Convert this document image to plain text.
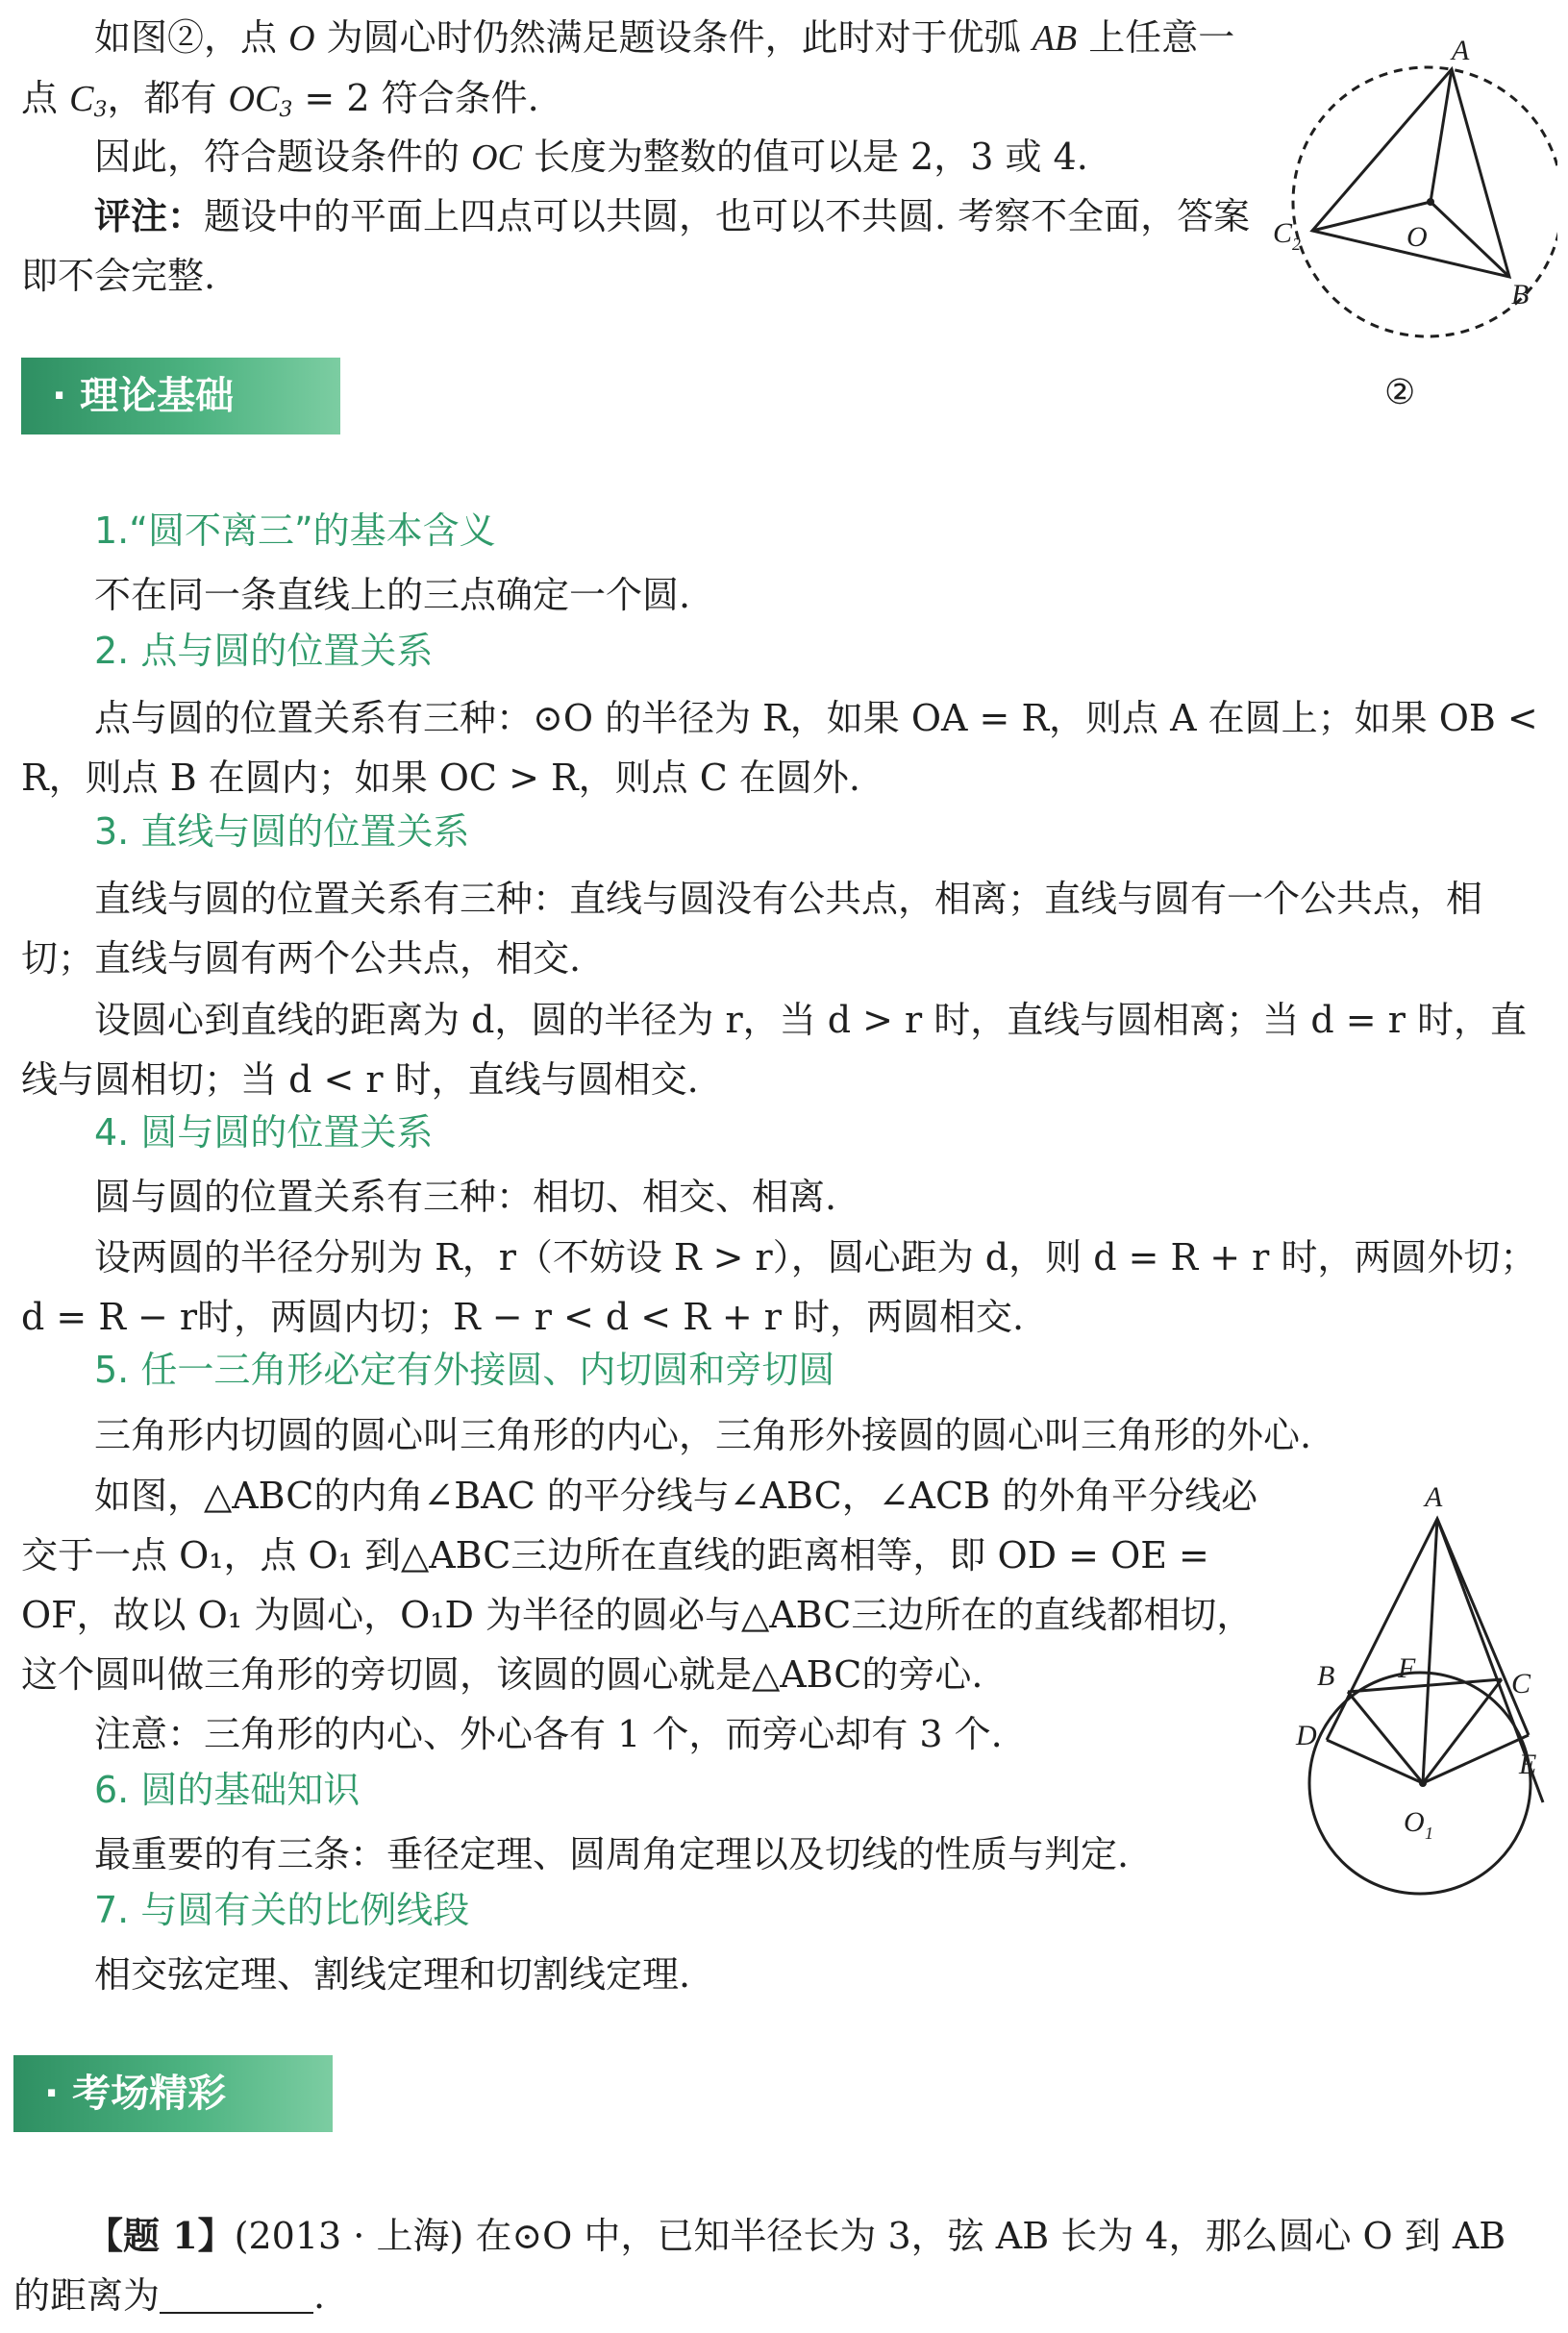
如图②，点 O 为圆心时仍然满足题设条件，此时对于优弧 AB 上任意一点 $C_3$，都有 $OC_3 = 2$ 符合条件.
因此，符合题设条件的 OC 长度为整数的值可以是 2，3 或 4.
评注：题设中的平面上四点可以共圆，也可以不共圆. 考察不全面，答案即不会完整.
A
O
B
C 2
②
· 理论基础
1.“圆不离三”的基本含义
不在同一条直线上的三点确定一个圆.
2. 点与圆的位置关系
点与圆的位置关系有三种：⊙O 的半径为 R，如果 OA = R，则点 A 在圆上；如果 OB < R，则点 B 在圆内；如果 OC > R，则点 C 在圆外.
3. 直线与圆的位置关系
直线与圆的位置关系有三种：直线与圆没有公共点，相离；直线与圆有一个公共点，相切；直线与圆有两个公共点，相交.
设圆心到直线的距离为 d，圆的半径为 r，当 d > r 时，直线与圆相离；当 d = r 时，直线与圆相切；当 d < r 时，直线与圆相交.
4. 圆与圆的位置关系
圆与圆的位置关系有三种：相切、相交、相离.
设两圆的半径分别为 R，r（不妨设 R > r），圆心距为 d，则 d = R + r 时，两圆外切；d = R − r时，两圆内切；R − r < d < R + r 时，两圆相交.
5. 任一三角形必定有外接圆、内切圆和旁切圆
三角形内切圆的圆心叫三角形的内心，三角形外接圆的圆心叫三角形的外心.
如图，△ABC的内角∠BAC 的平分线与∠ABC，∠ACB 的外角平分线必交于一点 O₁，点 O₁ 到△ABC三边所在直线的距离相等，即 OD = OE = OF，故以 O₁ 为圆心，O₁D 为半径的圆必与△ABC三边所在的直线都相切，这个圆叫做三角形的旁切圆，该圆的圆心就是△ABC的旁心.
注意：三角形的内心、外心各有 1 个，而旁心却有 3 个.
6. 圆的基础知识
最重要的有三条：垂径定理、圆周角定理以及切线的性质与判定.
7. 与圆有关的比例线段
相交弦定理、割线定理和切割线定理.
A
B F	C
D
E
O 1
· 考场精彩
【题 1】(2013 · 上海) 在⊙O 中，已知半径长为 3，弦 AB 长为 4，那么圆心 O 到 AB 的距离为	.
